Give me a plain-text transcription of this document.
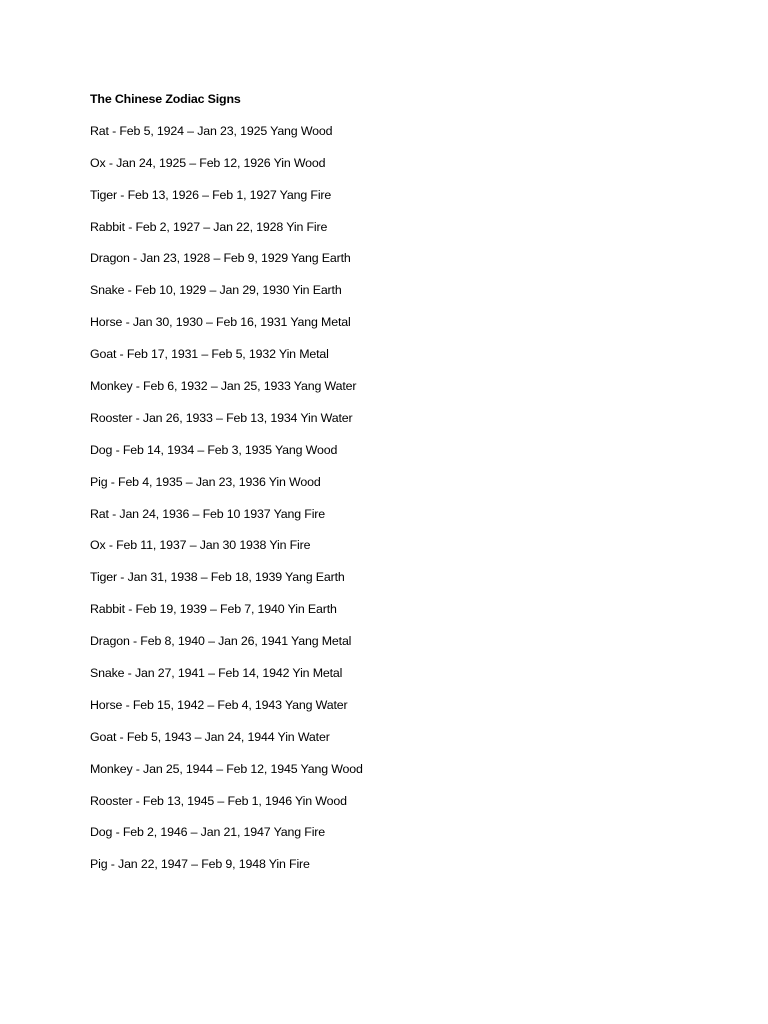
The Chinese Zodiac Signs
Rat - Feb 5, 1924 – Jan 23, 1925 Yang Wood
Ox - Jan 24, 1925 – Feb 12, 1926 Yin Wood
Tiger - Feb 13, 1926 – Feb 1, 1927 Yang Fire
Rabbit - Feb 2, 1927 – Jan 22, 1928 Yin Fire
Dragon - Jan 23, 1928 – Feb 9, 1929 Yang Earth
Snake - Feb 10, 1929 – Jan 29, 1930 Yin Earth
Horse - Jan 30, 1930 – Feb 16, 1931 Yang Metal
Goat - Feb 17, 1931 – Feb 5, 1932 Yin Metal
Monkey - Feb 6, 1932 – Jan 25, 1933 Yang Water
Rooster - Jan 26, 1933 – Feb 13, 1934 Yin Water
Dog - Feb 14, 1934 – Feb 3, 1935 Yang Wood
Pig - Feb 4, 1935 – Jan 23, 1936 Yin Wood
Rat - Jan 24, 1936 – Feb 10 1937 Yang Fire
Ox - Feb 11, 1937 – Jan 30 1938 Yin Fire
Tiger - Jan 31, 1938 – Feb 18, 1939 Yang Earth
Rabbit - Feb 19, 1939 – Feb 7, 1940 Yin Earth
Dragon - Feb 8, 1940 – Jan 26, 1941 Yang Metal
Snake - Jan 27, 1941 – Feb 14, 1942 Yin Metal
Horse - Feb 15, 1942 – Feb 4, 1943 Yang Water
Goat - Feb 5, 1943 – Jan 24, 1944 Yin Water
Monkey - Jan 25, 1944 – Feb 12, 1945 Yang Wood
Rooster - Feb 13, 1945 – Feb 1, 1946 Yin Wood
Dog - Feb 2, 1946 – Jan 21, 1947 Yang Fire
Pig - Jan 22, 1947 – Feb 9, 1948 Yin Fire
